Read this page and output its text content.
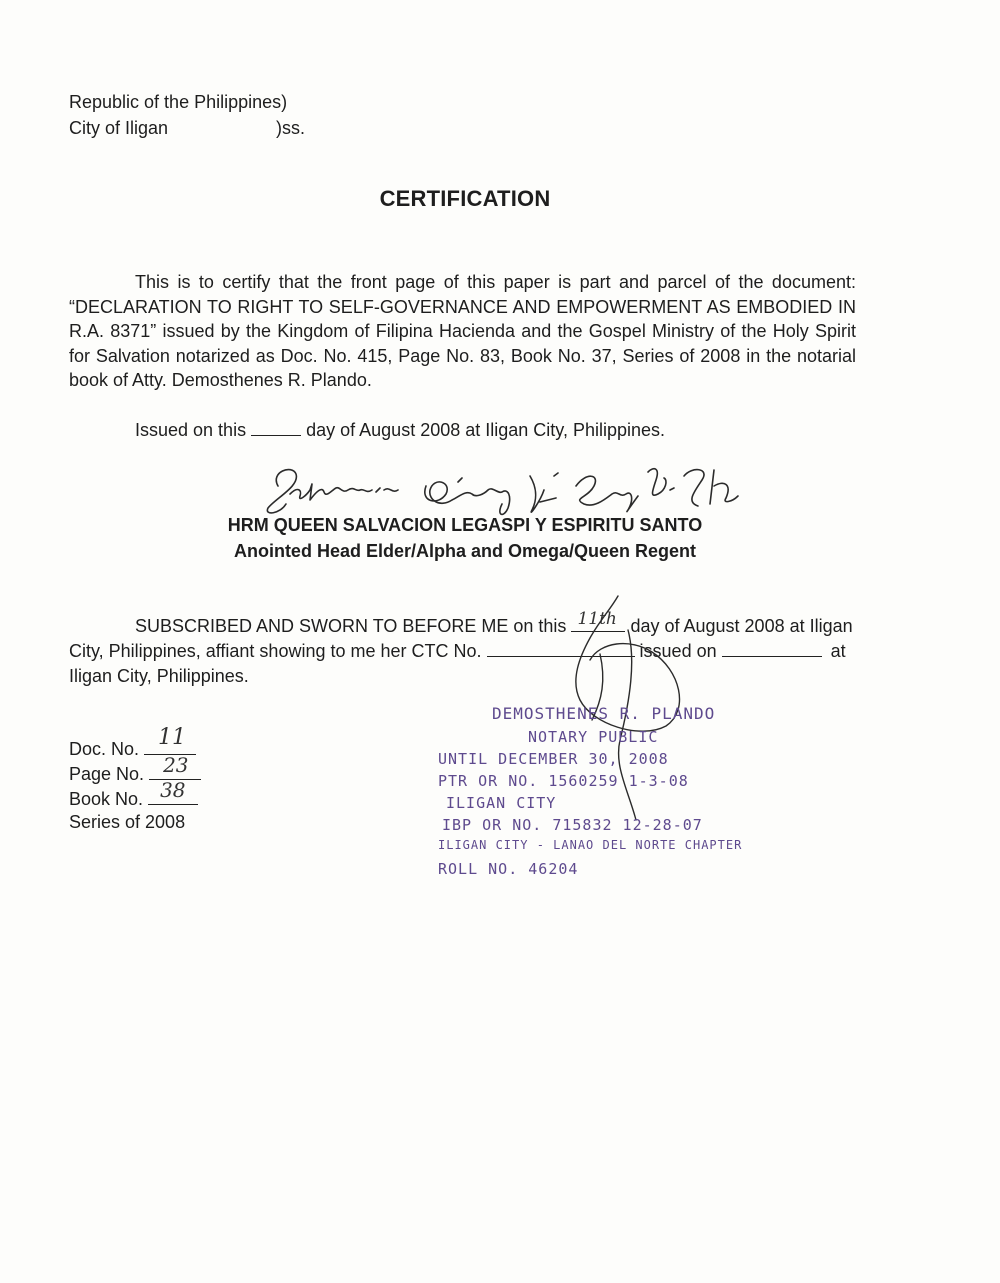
Republic of the Philippines)
City of Iligan	)ss.
CERTIFICATION
This is to certify that the front page of this paper is part and parcel of the document:
“DECLARATION TO RIGHT TO SELF-GOVERNANCE AND EMPOWERMENT AS EMBODIED IN
R.A. 8371” issued by the Kingdom of Filipina Hacienda and the Gospel Ministry of the Holy Spirit
for Salvation notarized as Doc. No. 415, Page No. 83, Book No. 37, Series of 2008 in the notarial
book of Atty. Demosthenes R. Plando.
Issued on this	day of August 2008 at Iligan City, Philippines.
HRM QUEEN SALVACION LEGASPI Y ESPIRITU SANTO
Anointed Head Elder/Alpha and Omega/Queen Regent
SUBSCRIBED AND SWORN TO BEFORE ME on this 11th day of August 2008 at Iligan
City, Philippines, affiant showing to me her CTC No.	issued on	at
Iligan City, Philippines.
Doc. No. 11
Page No. 23
Book No. 38
Series of 2008
DEMOSTHENES R. PLANDO
NOTARY PUBLIC
UNTIL DECEMBER 30, 2008
PTR OR NO. 1560259 1-3-08
ILIGAN CITY
IBP OR NO. 715832 12-28-07
ILIGAN CITY - LANAO DEL NORTE CHAPTER
ROLL NO. 46204
